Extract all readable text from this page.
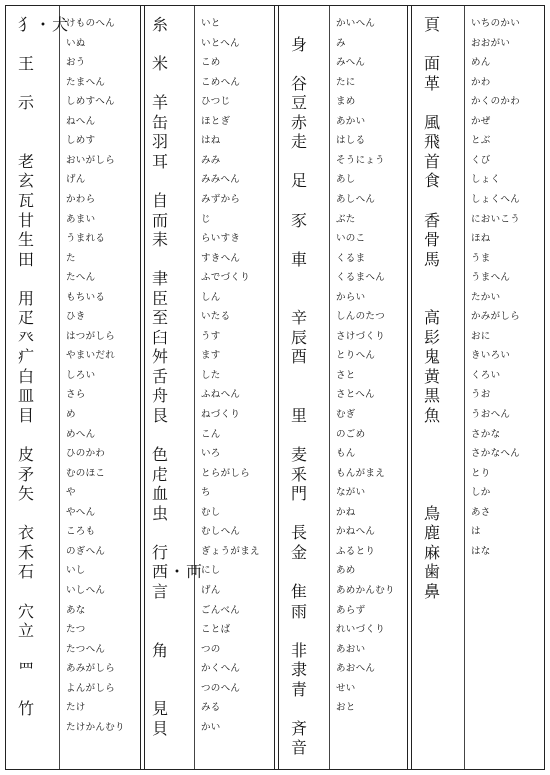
犭・犬
王
示
老
玄
瓦
甘
生
田
用
疋
癶
疒
白
皿
目
皮
矛
矢
衣
禾
石
穴
立
罒
竹
けものへん
いぬ
おう
たまへん
しめすへん
ねへん
しめす
おいがしら
げん
かわら
あまい
うまれる
た
たへん
もちいる
ひき
はつがしら
やまいだれ
しろい
さら
め
めへん
ひのかわ
むのほこ
や
やへん
ころも
のぎへん
いし
いしへん
あな
たつ
たつへん
あみがしら
よんがしら
たけ
たけかんむり
糸
米
羊
缶
羽
耳
自
而
耒
聿
臣
至
臼
舛
舌
舟
艮
色
虍
血
虫
行
西・襾
言
角
見
貝
いと
いとへん
こめ
こめへん
ひつじ
ほとぎ
はね
みみ
みみへん
みずから
じ
らいすき
すきへん
ふでづくり
しん
いたる
うす
ます
した
ふねへん
ねづくり
こん
いろ
とらがしら
ち
むし
むしへん
ぎょうがまえ
にし
げん
ごんべん
ことば
つの
かくへん
つのへん
みる
かい
身
谷
豆
赤
走
足
豕
車
辛
辰
酉
里
麦
釆
門
長
金
隹
雨
非
隶
青
斉
音
かいへん
み
みへん
たに
まめ
あかい
はしる
そうにょう
あし
あしへん
ぶた
いのこ
くるま
くるまへん
からい
しんのたつ
さけづくり
とりへん
さと
さとへん
むぎ
のごめ
もん
もんがまえ
ながい
かね
かねへん
ふるとり
あめ
あめかんむり
あらず
れいづくり
あおい
あおへん
せい
おと
頁
面
革
風
飛
首
食
香
骨
馬
高
髟
鬼
黄
黒
魚
鳥
鹿
麻
歯
鼻
いちのかい
おおがい
めん
かわ
かくのかわ
かぜ
とぶ
くび
しょく
しょくへん
においこう
ほね
うま
うまへん
たかい
かみがしら
おに
きいろい
くろい
うお
うおへん
さかな
さかなへん
とり
しか
あさ
は
はな
